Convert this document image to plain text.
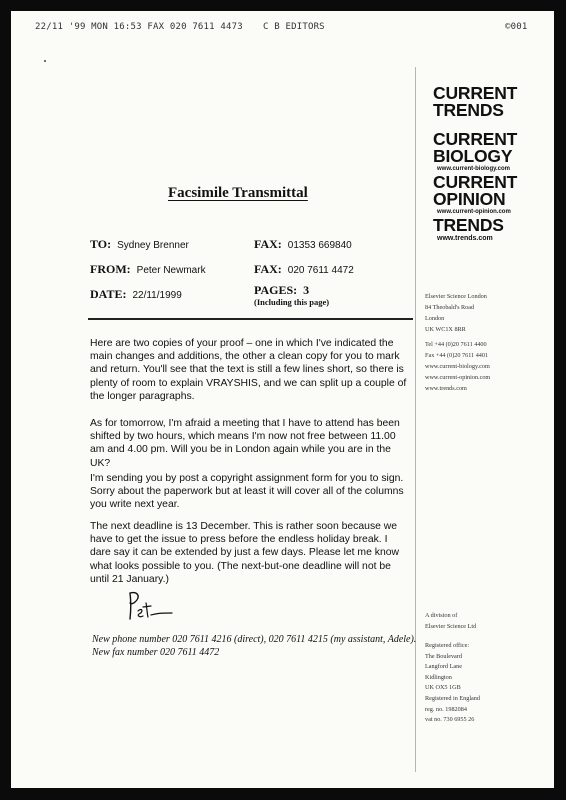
22/11 '99 MON 16:53 FAX 020 7611 4473

C B EDITORS

	©001

Facsimile Transmittal
TO: Sydney Brenner
FROM: Peter Newmark
DATE: 22/11/1999
FAX: 01353 669840
FAX: 020 7611 4472
PAGES: 3
(Including this page)

Here are two copies of your proof – one in which I've indicated the main changes and additions, the other a clean copy for you to mark and return. You'll see that the text is still a few lines short, so there is plenty of room to explain VRAYSHIS, and we can split up a couple of the longer paragraphs.

As for tomorrow, I'm afraid a meeting that I have to attend has been shifted by two hours, which means I'm now not free between 11.00 am and 4.00 pm. Will you be in London again while you are in the UK?

I'm sending you by post a copyright assignment form for you to sign. Sorry about the paperwork but at least it will cover all of the columns you write next year.

The next deadline is 13 December. This is rather soon because we have to get the issue to press before the endless holiday break. I dare say it can be extended by just a few days. Please let me know what looks possible to you. (The next-but-one deadline will not be until 21 January.)

New phone number 020 7611 4216 (direct), 020 7611 4215 (my assistant, Adele). New fax number 020 7611 4472

CURRENT
TRENDS
CURRENT
BIOLOGY
www.current-biology.com
CURRENT
OPINION
www.current-opinion.com
TRENDS
www.trends.com
Elsevier Science London
84 Theobald's Road
London
UK WC1X 8RR
Tel +44 (0)20 7611 4400
Fax +44 (0)20 7611 4401
www.current-biology.com
www.current-opinion.com
www.trends.com
A division of
Elsevier Science Ltd
Registered office:
The Boulevard
Langford Lane
Kidlington
UK OX5 1GB
Registered in England
reg. no. 1982084
vat no. 730 6955 26
